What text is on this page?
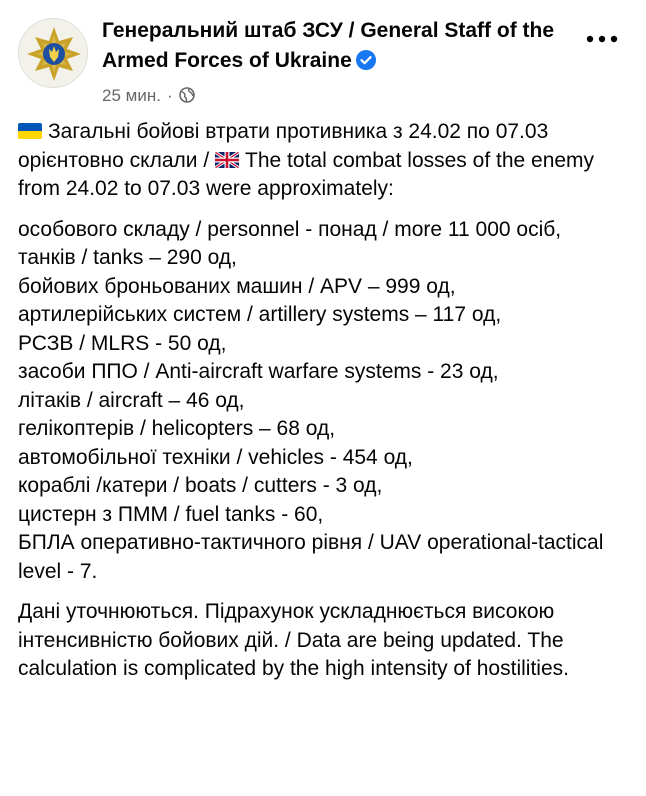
Генеральний штаб ЗСУ / General Staff of the Armed Forces of Ukraine
25 мин. ·

Загальні бойові втрати противника з 24.02 по 07.03 орієнтовно склали / The total combat losses of the enemy from 24.02 to 07.03 were approximately:

особового складу / personnel - понад / more 11 000 осіб,
танків / tanks – 290 од,
бойових броньованих машин / APV – 999 од,
артилерійських систем / artillery systems – 117 од,
РСЗВ / MLRS - 50 од,
засоби ППО / Anti-aircraft warfare systems - 23 од,
літаків / aircraft – 46 од,
гелікоптерів / helicopters – 68 од,
автомобільної техніки / vehicles - 454 од,
кораблі /катери / boats / cutters - 3 од,
цистерн з ПММ / fuel tanks - 60,
БПЛА оперативно-тактичного рівня / UAV operational-tactical level - 7.

Дані уточнюються. Підрахунок ускладнюється високою інтенсивністю бойових дій. / Data are being updated. The calculation is complicated by the high intensity of hostilities.
